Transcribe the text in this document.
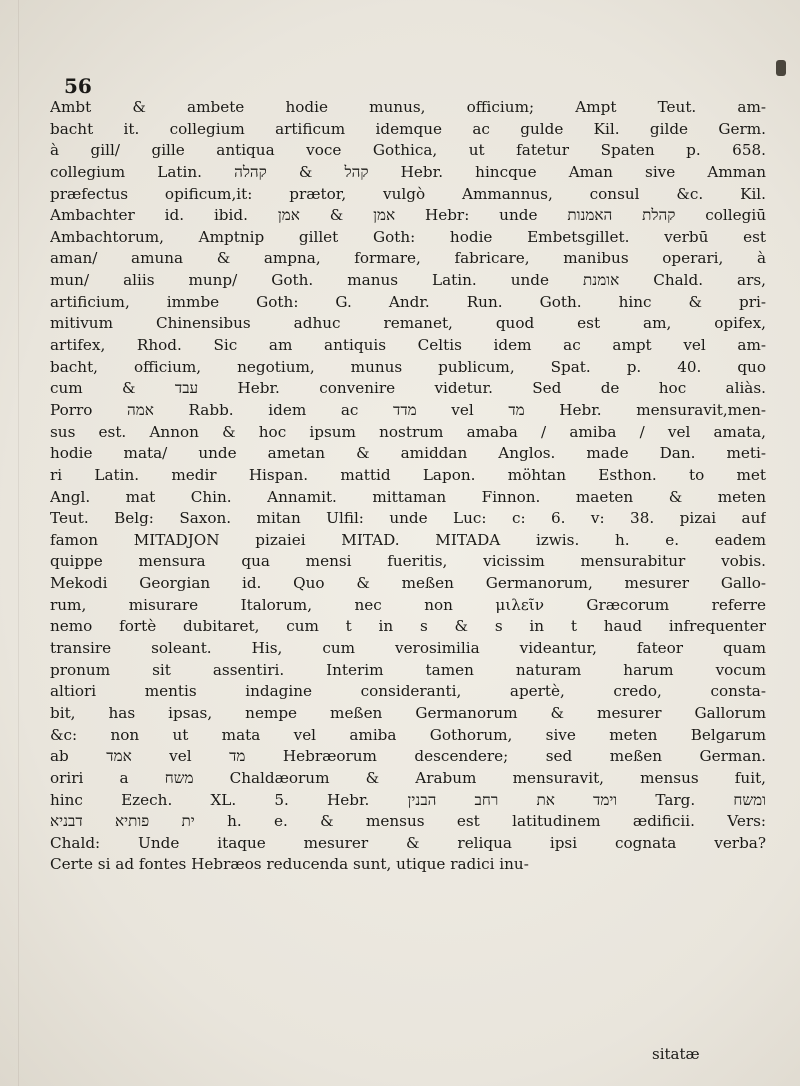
56
Ambt & ambete hodie munus, officium; Ampt Teut. am-
bacht it. collegium artificum idemque ac gulde Kil. gilde Germ.
à gill/ gille antiqua voce Gothica, ut fatetur Spaten p. 658.
collegium Latin. קהל & קהלה Hebr. hincque Aman sive Amman
præfectus opificum,it: prætor, vulgò Ammannus, consul &c. Kil.
Ambachter id. ibid. אמן & אמן Hebr: unde קהלת האמנות collegiū
Ambachtorum, Amptnip gillet Goth: hodie Embetsgillet. verbū est
aman/ amuna & ampna, formare, fabricare, manibus operari, à
mun/ aliis munp/ Goth. manus Latin. unde אומנת Chald. ars,
artificium, immbe Goth: G. Andr. Run. Goth. hinc & pri-
mitivum Chinensibus adhuc remanet, quod est am, opifex,
artifex, Rhod. Sic am antiquis Celtis idem ac ampt vel am-
bacht, officium, negotium, munus publicum, Spat. p. 40. quo
cum & עבד Hebr. convenire videtur. Sed de hoc aliàs.
Porro אמה Rabb. idem ac מדד vel מד Hebr. mensuravit,men-
sus est. Annon & hoc ipsum nostrum amaba / amiba / vel amata,
hodie mata/ unde ametan & amiddan Anglos. made Dan. meti-
ri Latin. medir Hispan. mattid Lapon. möhtan Esthon. to met
Angl. mat Chin. Annamit. mittaman Finnon. maeten & meten
Teut. Belg: Saxon. mitan Ulfil: unde Luc: c: 6. v: 38. pizai auf
famon MITADJON pizaiei MITAD. MITADA izwis. h. e. eadem
quippe mensura qua mensi fueritis, vicissim mensurabitur vobis.
Mekodi Georgian id. Quo & meßen Germanorum, mesurer Gallo-
rum, misurare Italorum, nec non μιλεῖν Græcorum referre
nemo fortè dubitaret, cum t in s & s in t haud infrequenter
transire soleant. His, cum verosimilia videantur, fateor quam
pronum sit assentiri. Interim tamen naturam harum vocum
altiori mentis indagine consideranti, apertè, credo, consta-
bit, has ipsas, nempe meßen Germanorum & mesurer Gallorum
&c: non ut mata vel amiba Gothorum, sive meten Belgarum
ab אמד vel מד Hebræorum descendere; sed meßen German.
oriri a משח Chaldæorum & Arabum mensuravit, mensus fuit,
hinc Ezech. XL. 5. Hebr. וימד את רחב הבנין Targ. ומשח
ית פותיא דבניא h. e. & mensus est latitudinem ædificii. Vers:
Chald: Unde itaque mesurer & reliqua ipsi cognata verba?
Certe si ad fontes Hebræos reducenda sunt, utique radici inu-
sitatæ
